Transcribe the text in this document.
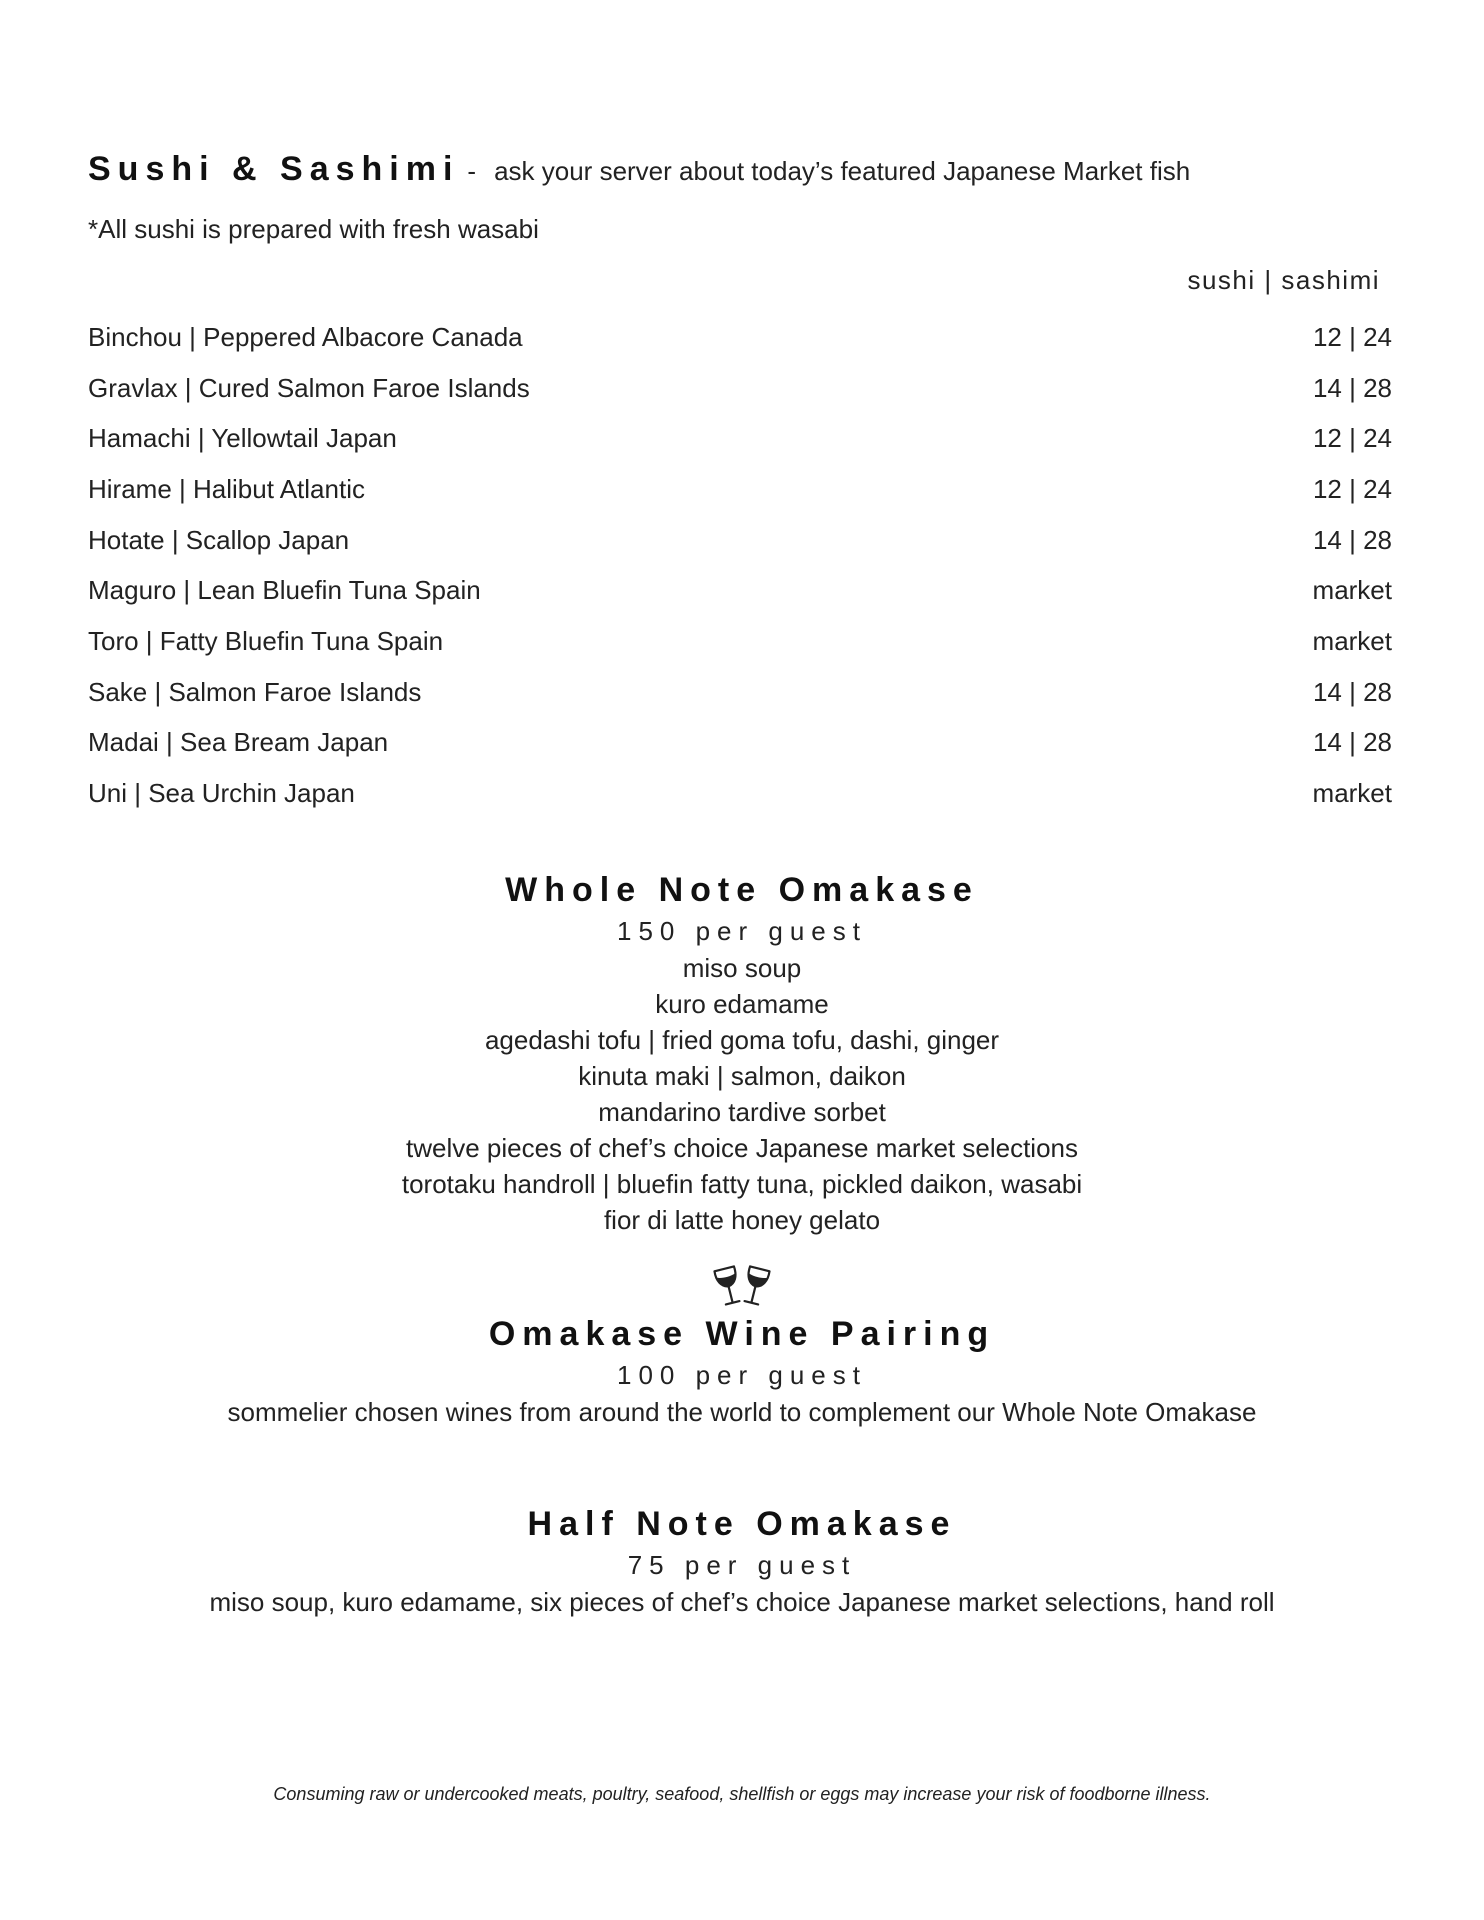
Sushi & Sashimi - ask your server about today’s featured Japanese Market fish
*All sushi is prepared with fresh wasabi
sushi | sashimi
Binchou | Peppered Albacore Canada	12 | 24
Gravlax | Cured Salmon Faroe Islands	14 | 28
Hamachi | Yellowtail Japan	12 | 24
Hirame | Halibut Atlantic	12 | 24
Hotate | Scallop Japan	14 | 28
Maguro | Lean Bluefin Tuna Spain	market
Toro | Fatty Bluefin Tuna Spain	market
Sake | Salmon Faroe Islands	14 | 28
Madai | Sea Bream Japan	14 | 28
Uni | Sea Urchin Japan	market
Whole Note Omakase
150 per guest
miso soup
kuro edamame
agedashi tofu | fried goma tofu, dashi, ginger
kinuta maki | salmon, daikon
mandarino tardive sorbet
twelve pieces of chef’s choice Japanese market selections
torotaku handroll | bluefin fatty tuna, pickled daikon, wasabi
fior di latte honey gelato
Omakase Wine Pairing
100 per guest
sommelier chosen wines from around the world to complement our Whole Note Omakase
Half Note Omakase
75 per guest
miso soup, kuro edamame, six pieces of chef’s choice Japanese market selections, hand roll
Consuming raw or undercooked meats, poultry, seafood, shellfish or eggs may increase your risk of foodborne illness.
